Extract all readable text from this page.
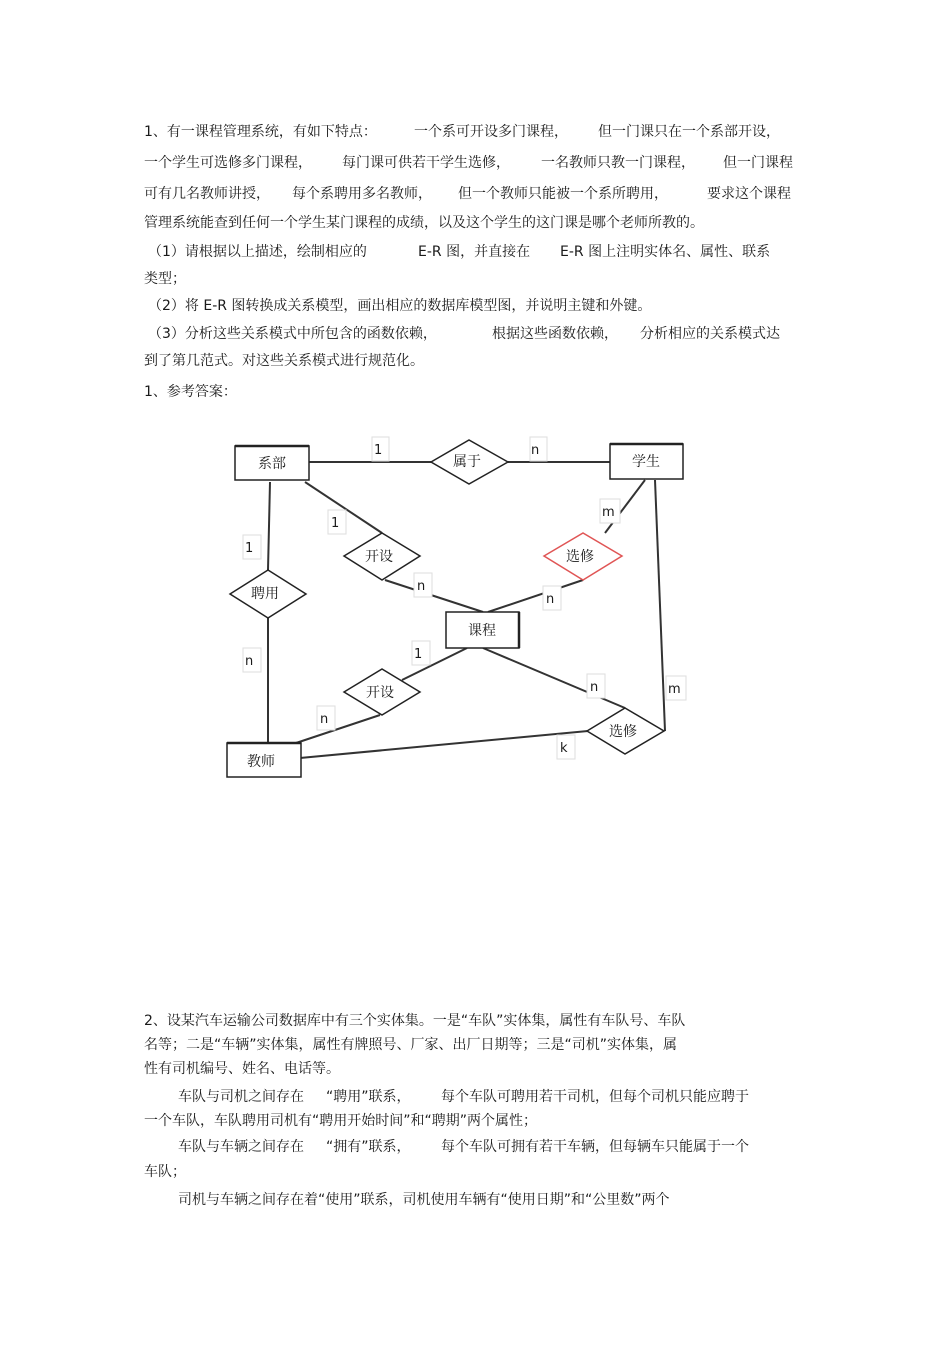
1、有一课程管理系统，有如下特点：

	一个系可开设多门课程，

但一门课只在一个系部开设，

一个学生可选修多门课程，

每门课可供若干学生选修，

一名教师只教一门课程，

但一门课程

可有几名教师讲授，

每个系聘用多名教师，

但一个教师只能被一个系所聘用，

	要求这个课程

管理系统能查到任何一个学生某门课程的成绩，以及这个学生的这门课是哪个老师所教的。

（1）请根据以上描述，绘制相应的

	E-R 图，并直接在

E-R 图上注明实体名、属性、联系

类型；

（2）将 E-R 图转换成关系模型，画出相应的数据库模型图，并说明主键和外键。

（3）分析这些关系模式中所包含的函数依赖，

	根据这些函数依赖，

分析相应的关系模式达

到了第几范式。对这些关系模式进行规范化。

1、参考答案：

系部	学生
课程
教师
属于
开设	选修
聘用
开设
选修
1	n
m
1
1
n
n
n	1
n	m
n
k

2、设某汽车运输公司数据库中有三个实体集。一是“车队”实体集，属性有车队号、车队

名等；二是“车辆”实体集，属性有牌照号、厂家、出厂日期等；三是“司机”实体集，属

性有司机编号、姓名、电话等。

车队与司机之间存在

“聘用”联系，

每个车队可聘用若干司机，但每个司机只能应聘于

一个车队，车队聘用司机有“聘用开始时间”和“聘期”两个属性；

车队与车辆之间存在

“拥有”联系，

每个车队可拥有若干车辆，但每辆车只能属于一个

车队；

司机与车辆之间存在着“使用”联系，司机使用车辆有“使用日期”和“公里数”两个
